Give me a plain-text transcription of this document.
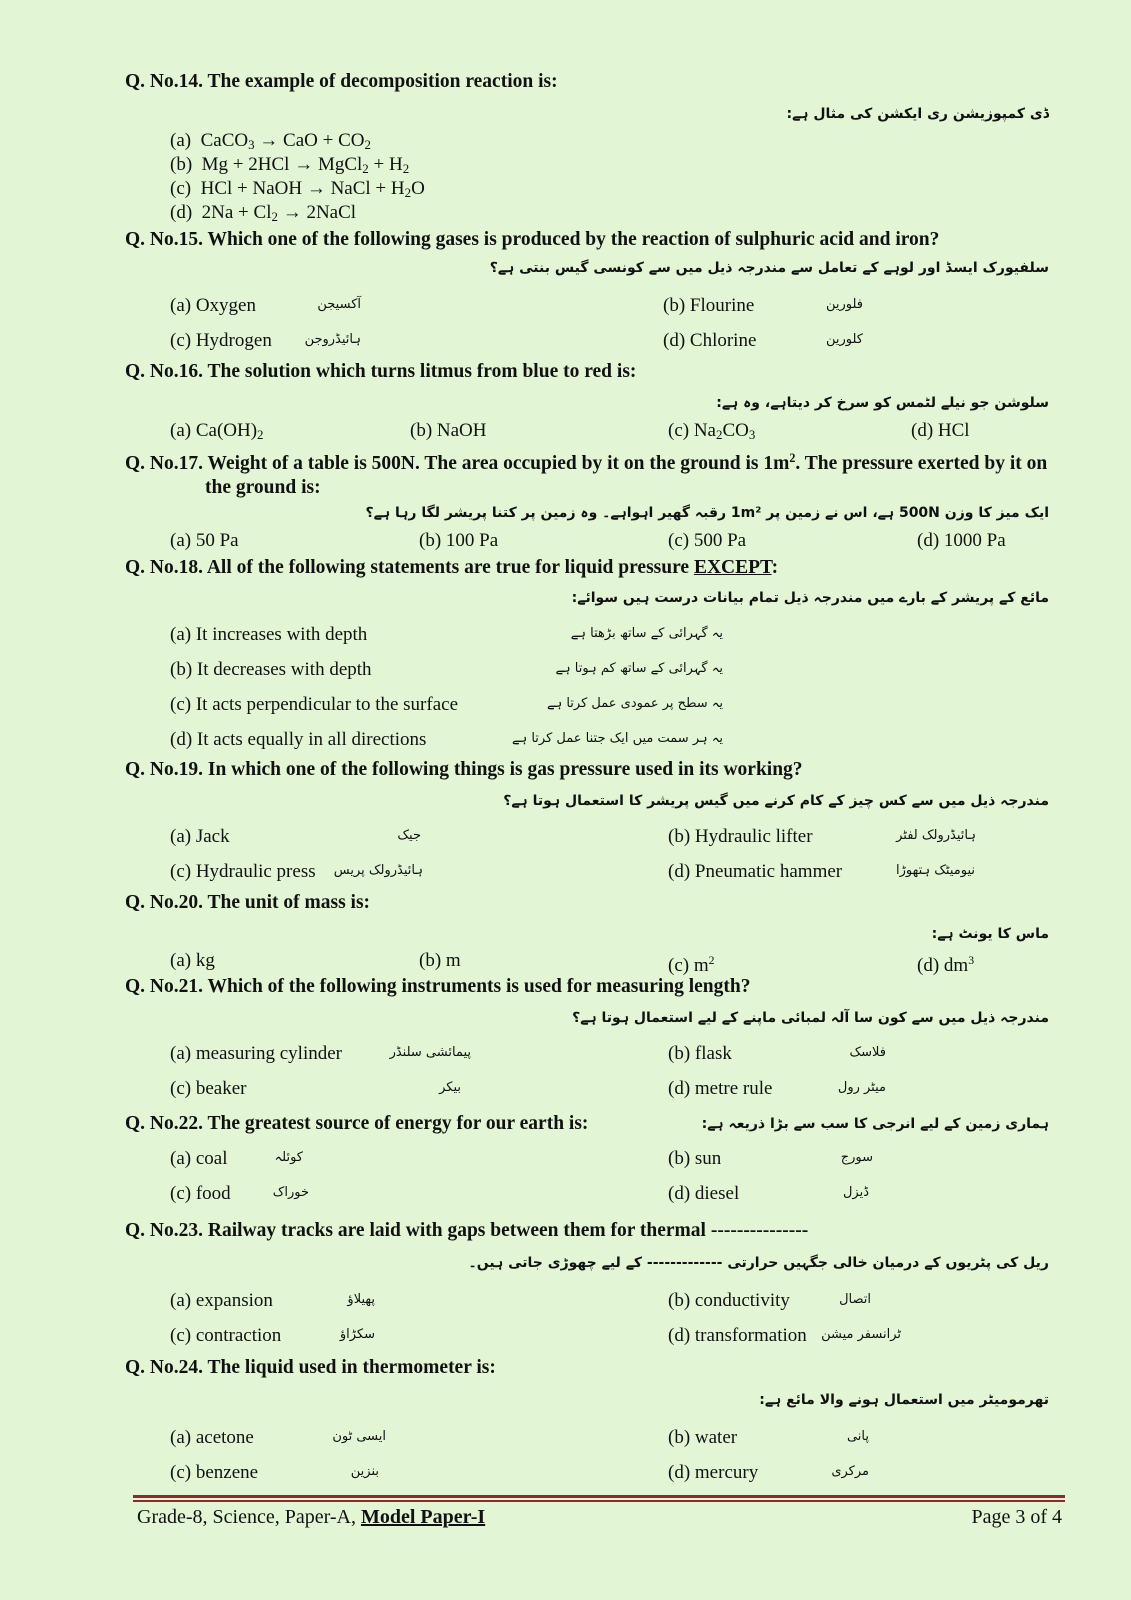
Q. No.14. The example of decomposition reaction is:
ڈی کمپوزیشن ری ایکشن کی مثال ہے:
(a) CaCO$_3$ → CaO + $CO_2$
(b) Mg + 2HCl → MgCl$_2$ + $H_2$
(c) HCl + NaOH → NaCl + $H_2O$
(d) $2Na + Cl_2$ → 2NaCl
Q. No.15. Which one of the following gases is produced by the reaction of sulphuric acid and iron?
سلفیورک ایسڈ اور لوہے کے تعامل سے مندرجہ ذیل میں سے کونسی گیس بنتی ہے؟
(a) Oxygen	آکسیجن	(b) Flourine	فلورین
(c) Hydrogen	ہائیڈروجن	(d) Chlorine	کلورین
Q. No.16. The solution which turns litmus from blue to red is:
سلوشن جو نیلے لٹمس کو سرخ کر دیتاہے، وہ ہے:
(a) $Ca(OH)_2$	(b) NaOH	(c) $Na_2CO_3$	(d) HCl
Q. No.17. Weight of a table is 500N. The area occupied by it on the ground is $1m^2$. The pressure exerted by it on the ground is:
ایک میز کا وزن 500N ہے، اس نے زمین پر 1m² رقبہ گھیر اہواہے۔ وہ زمین پر کتنا پریشر لگا رہا ہے؟
(a) 50 Pa	(b) 100 Pa	(c) 500 Pa	(d) 1000 Pa
Q. No.18. All of the following statements are true for liquid pressure EXCEPT:
مائع کے پریشر کے بارے میں مندرجہ ذیل تمام بیانات درست ہیں سوائے:
(a) It increases with depth	یہ گہرائی کے ساتھ بڑھتا ہے
(b) It decreases with depth	یہ گہرائی کے ساتھ کم ہوتا ہے
(c) It acts perpendicular to the surface	یہ سطح پر عمودی عمل کرتا ہے
(d) It acts equally in all directions	یہ ہر سمت میں ایک جتنا عمل کرتا ہے
Q. No.19. In which one of the following things is gas pressure used in its working?
مندرجہ ذیل میں سے کس چیز کے کام کرنے میں گیس پریشر کا استعمال ہوتا ہے؟
(a) Jack	جیک	(b) Hydraulic lifter	ہائیڈرولک لفٹر
(c) Hydraulic press ہائیڈرولک پریس	(d) Pneumatic hammer	نیومیٹک ہتھوڑا
Q. No.20. The unit of mass is:
ماس کا یونٹ ہے:
(a) kg	(b) m	(c) $m^2$	(d) $dm^3$
Q. No.21. Which of the following instruments is used for measuring length?
مندرجہ ذیل میں سے کون سا آلہ لمبائی ماپنے کے لیے استعمال ہوتا ہے؟
(a) measuring cylinder	پیمائشی سلنڈر	(b) flask	فلاسک
(c) beaker	بیکر	(d) metre rule	میٹر رول
Q. No.22. The greatest source of energy for our earth is:	ہماری زمین کے لیے انرجی کا سب سے بڑا ذریعہ ہے:
(a) coal	کوئلہ	(b) sun	سورج
(c) food	خوراک	(d) diesel	ڈیزل
Q. No.23. Railway tracks are laid with gaps between them for thermal ---------------
ریل کی پٹریوں کے درمیان خالی جگہیں حرارتی ------------- کے لیے چھوڑی جاتی ہیں۔
(a) expansion	پھیلاؤ	(b) conductivity	اتصال
(c) contraction	سکڑاؤ	(d) transformation ٹرانسفر میشن
Q. No.24. The liquid used in thermometer is:
تھرمومیٹر میں استعمال ہونے والا مائع ہے:
(a) acetone	ایسی ٹون	(b) water	پانی
(c) benzene	بنزین	(d) mercury	مرکری
Grade-8, Science, Paper-A, Model Paper-I	Page 3 of 4
